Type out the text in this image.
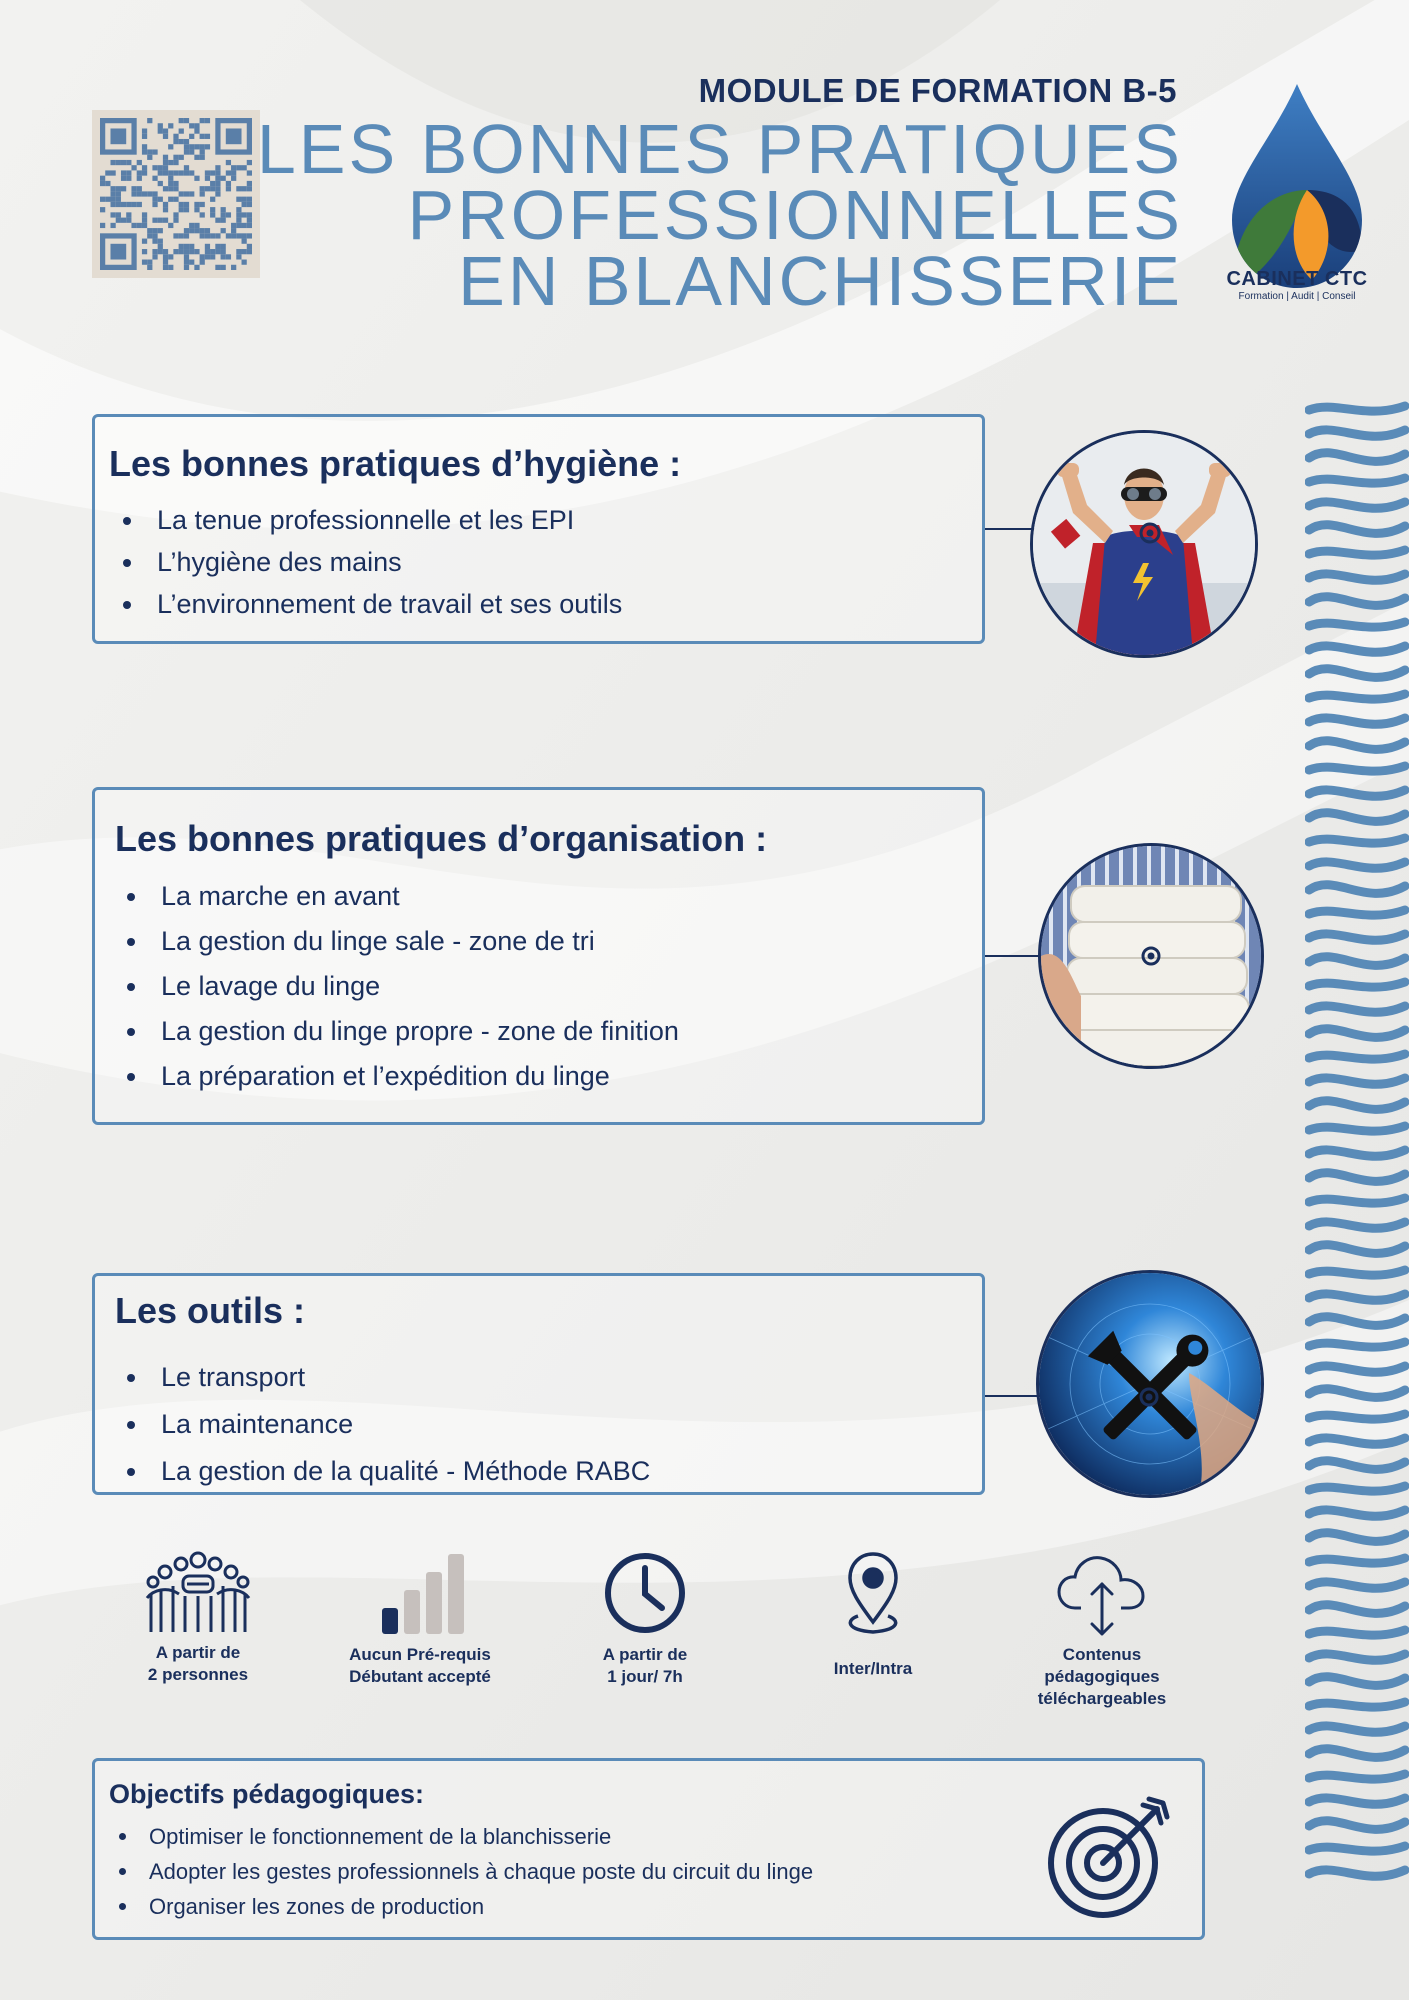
MODULE DE FORMATION B-5
LES BONNES PRATIQUES
PROFESSIONNELLES
EN BLANCHISSERIE	CABINET CTC
Formation | Audit | Conseil
Les bonnes pratiques d’hygiène :
La tenue professionnelle et les EPI
L’hygiène des mains
L’environnement de travail et ses outils
Les bonnes pratiques d’organisation :
La marche en avant
La gestion du linge sale - zone de tri
Le lavage du linge
La gestion du linge propre - zone de finition
La préparation et l’expédition du linge
Les outils :
Le transport
La maintenance
La gestion de la qualité - Méthode RABC
A partir de
2 personnes
Aucun Pré-requis
Débutant accepté
A partir de
1 jour/ 7h	Inter/Intra
Contenus
pédagogiques
téléchargeables
Objectifs pédagogiques:
Optimiser le fonctionnement de la blanchisserie
Adopter les gestes professionnels à chaque poste du circuit du linge
Organiser les zones de production
